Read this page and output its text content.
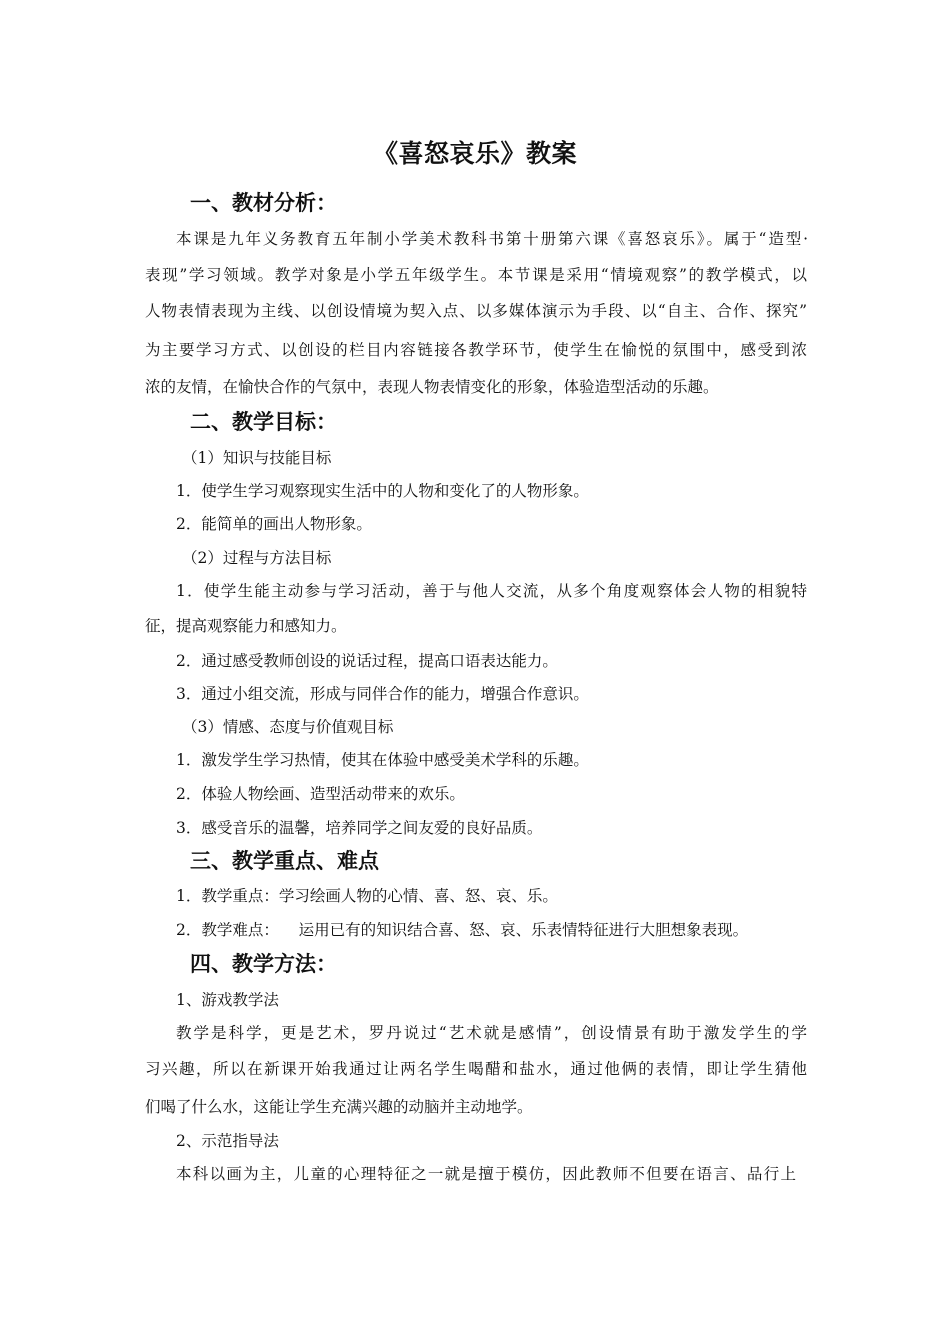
《喜怒哀乐》教案
一、教材分析：
本课是九年义务教育五年制小学美术教科书第十册第六课《喜怒哀乐》。属于“造型·
表现”学习领域。教学对象是小学五年级学生。本节课是采用“情境观察”的教学模式，以
人物表情表现为主线、以创设情境为契入点、以多媒体演示为手段、以“自主、合作、探究”
为主要学习方式、以创设的栏目内容链接各教学环节，使学生在愉悦的氛围中，感受到浓
浓的友情，在愉快合作的气氛中，表现人物表情变化的形象，体验造型活动的乐趣。
二、教学目标：
（1）知识与技能目标
1．使学生学习观察现实生活中的人物和变化了的人物形象。
2．能简单的画出人物形象。
（2）过程与方法目标
1．使学生能主动参与学习活动，善于与他人交流，从多个角度观察体会人物的相貌特
征，提高观察能力和感知力。
2．通过感受教师创设的说话过程，提高口语表达能力。
3．通过小组交流，形成与同伴合作的能力，增强合作意识。
（3）情感、态度与价值观目标
1．激发学生学习热情，使其在体验中感受美术学科的乐趣。
2．体验人物绘画、造型活动带来的欢乐。
3．感受音乐的温馨，培养同学之间友爱的良好品质。
三、教学重点、难点
1．教学重点：学习绘画人物的心情、喜、怒、哀、乐。
2．教学难点：    运用已有的知识结合喜、怒、哀、乐表情特征进行大胆想象表现。
四、教学方法：
1、游戏教学法
教学是科学，更是艺术，罗丹说过“艺术就是感情”，创设情景有助于激发学生的学
习兴趣，所以在新课开始我通过让两名学生喝醋和盐水，通过他俩的表情，即让学生猜他
们喝了什么水，这能让学生充满兴趣的动脑并主动地学。
2、示范指导法
本科以画为主，儿童的心理特征之一就是擅于模仿，因此教师不但要在语言、品行上
